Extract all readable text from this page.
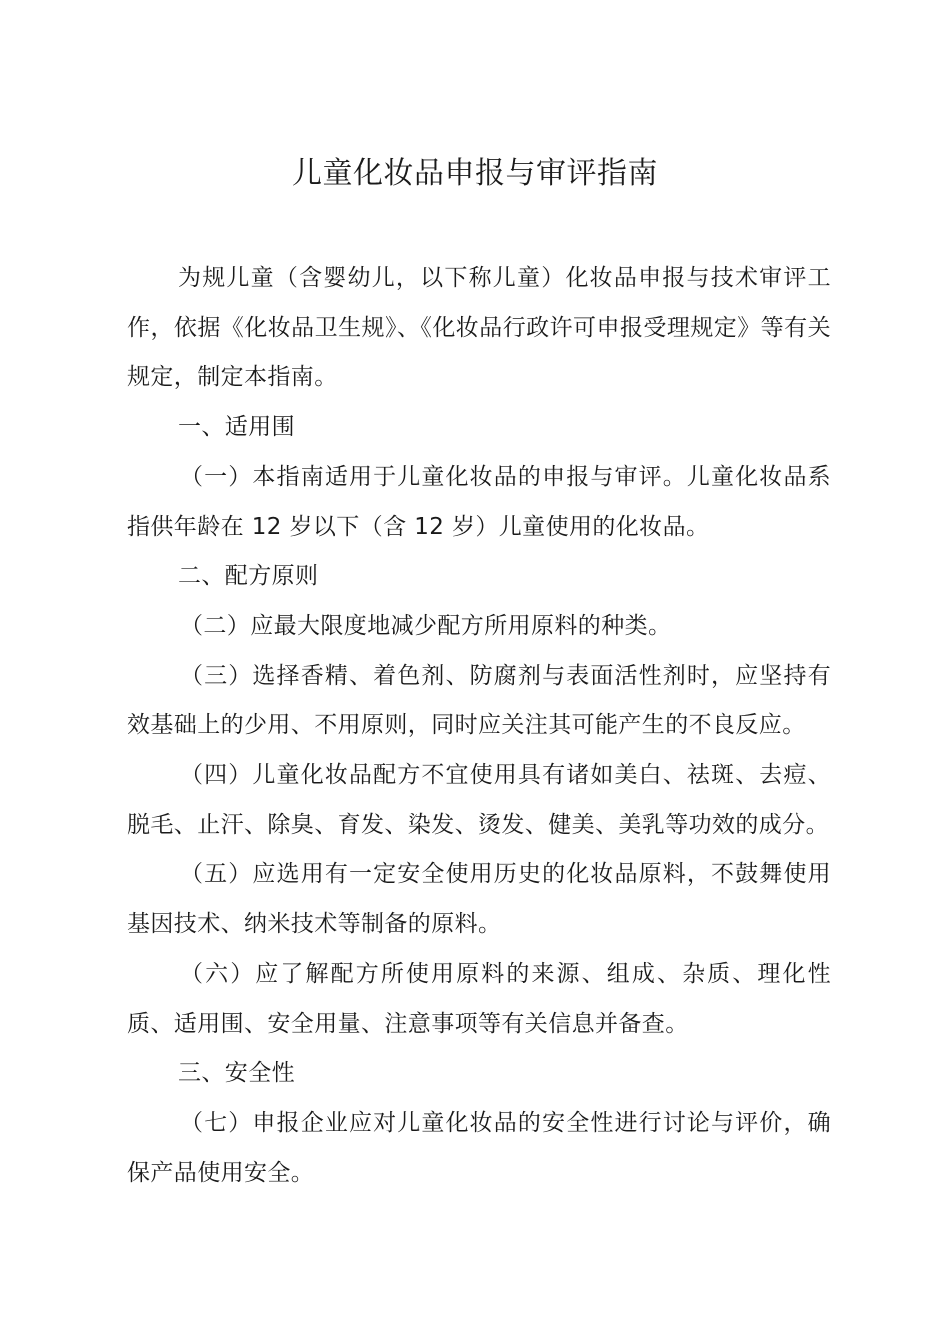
儿童化妆品申报与审评指南

为规儿童（含婴幼儿，以下称儿童）化妆品申报与技术审评工作，依据《化妆品卫生规》、《化妆品行政许可申报受理规定》等有关规定，制定本指南。

一、适用围

（一）本指南适用于儿童化妆品的申报与审评。儿童化妆品系指供年龄在 12 岁以下（含 12 岁）儿童使用的化妆品。

二、配方原则

（二）应最大限度地减少配方所用原料的种类。

（三）选择香精、着色剂、防腐剂与表面活性剂时，应坚持有效基础上的少用、不用原则，同时应关注其可能产生的不良反应。

（四）儿童化妆品配方不宜使用具有诸如美白、祛斑、去痘、脱毛、止汗、除臭、育发、染发、烫发、健美、美乳等功效的成分。

（五）应选用有一定安全使用历史的化妆品原料，不鼓舞使用基因技术、纳米技术等制备的原料。

（六）应了解配方所使用原料的来源、组成、杂质、理化性质、适用围、安全用量、注意事项等有关信息并备查。

三、安全性

（七）申报企业应对儿童化妆品的安全性进行讨论与评价，确保产品使用安全。
